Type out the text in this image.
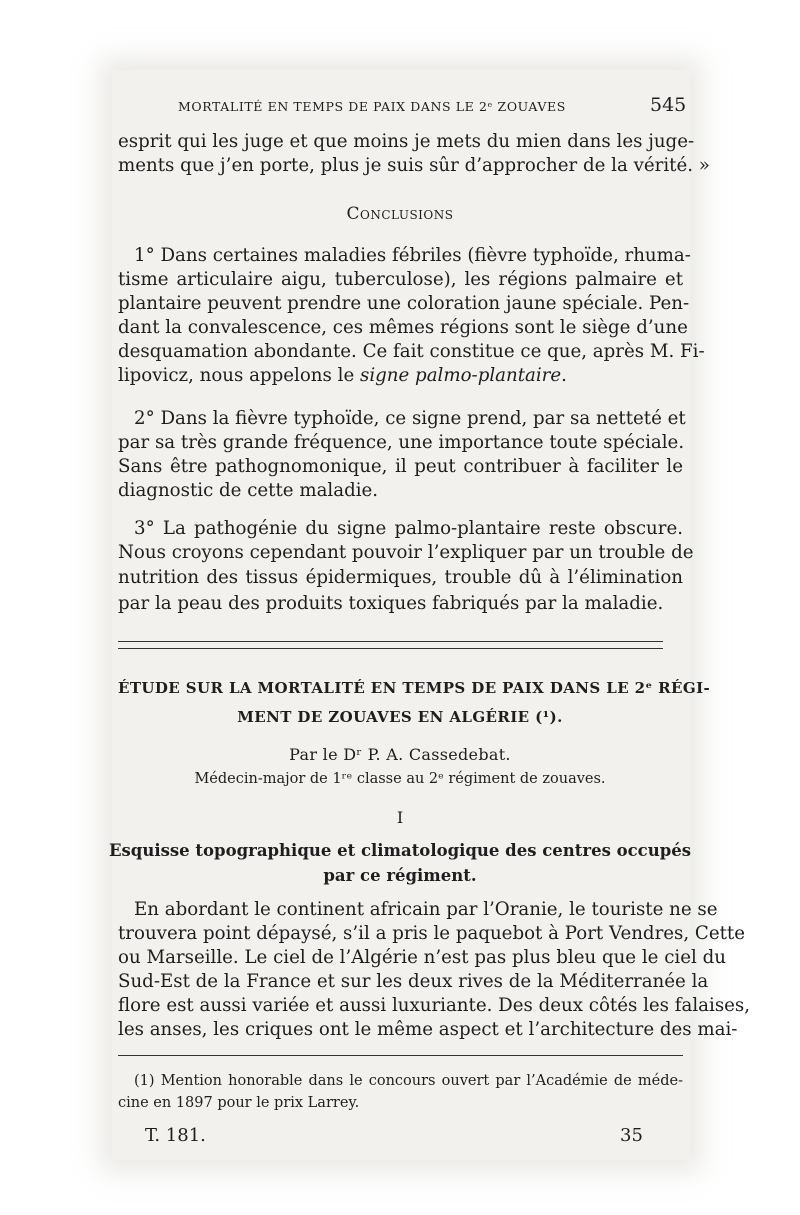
MORTALITÉ EN TEMPS DE PAIX DANS LE 2ᵉ ZOUAVES	545
esprit qui les juge et que moins je mets du mien dans les juge-
ments que j’en porte, plus je suis sûr d’approcher de la vérité. »
Conclusions
1° Dans certaines maladies fébriles (fièvre typhoïde, rhuma-
tisme articulaire aigu, tuberculose), les régions palmaire et
plantaire peuvent prendre une coloration jaune spéciale. Pen-
dant la convalescence, ces mêmes régions sont le siège d’une
desquamation abondante. Ce fait constitue ce que, après M. Fi-
lipovicz, nous appelons le signe palmo-plantaire.
2° Dans la fièvre typhoïde, ce signe prend, par sa netteté et
par sa très grande fréquence, une importance toute spéciale.
Sans être pathognomonique, il peut contribuer à faciliter le
diagnostic de cette maladie.
3° La pathogénie du signe palmo-plantaire reste obscure.
Nous croyons cependant pouvoir l’expliquer par un trouble de
nutrition des tissus épidermiques, trouble dû à l’élimination
par la peau des produits toxiques fabriqués par la maladie.
ÉTUDE SUR LA MORTALITÉ EN TEMPS DE PAIX DANS LE 2ᵉ RÉGI-
MENT DE ZOUAVES EN ALGÉRIE (¹).
Par le Dʳ P. A. Cassedebat.
Médecin-major de 1ʳᵉ classe au 2ᵉ régiment de zouaves.
I
Esquisse topographique et climatologique des centres occupés
par ce régiment.
En abordant le continent africain par l’Oranie, le touriste ne se
trouvera point dépaysé, s’il a pris le paquebot à Port Vendres, Cette
ou Marseille. Le ciel de l’Algérie n’est pas plus bleu que le ciel du
Sud-Est de la France et sur les deux rives de la Méditerranée la
flore est aussi variée et aussi luxuriante. Des deux côtés les falaises,
les anses, les criques ont le même aspect et l’architecture des mai-
(1) Mention honorable dans le concours ouvert par l’Académie de méde-
cine en 1897 pour le prix Larrey.
T. 181.	35
